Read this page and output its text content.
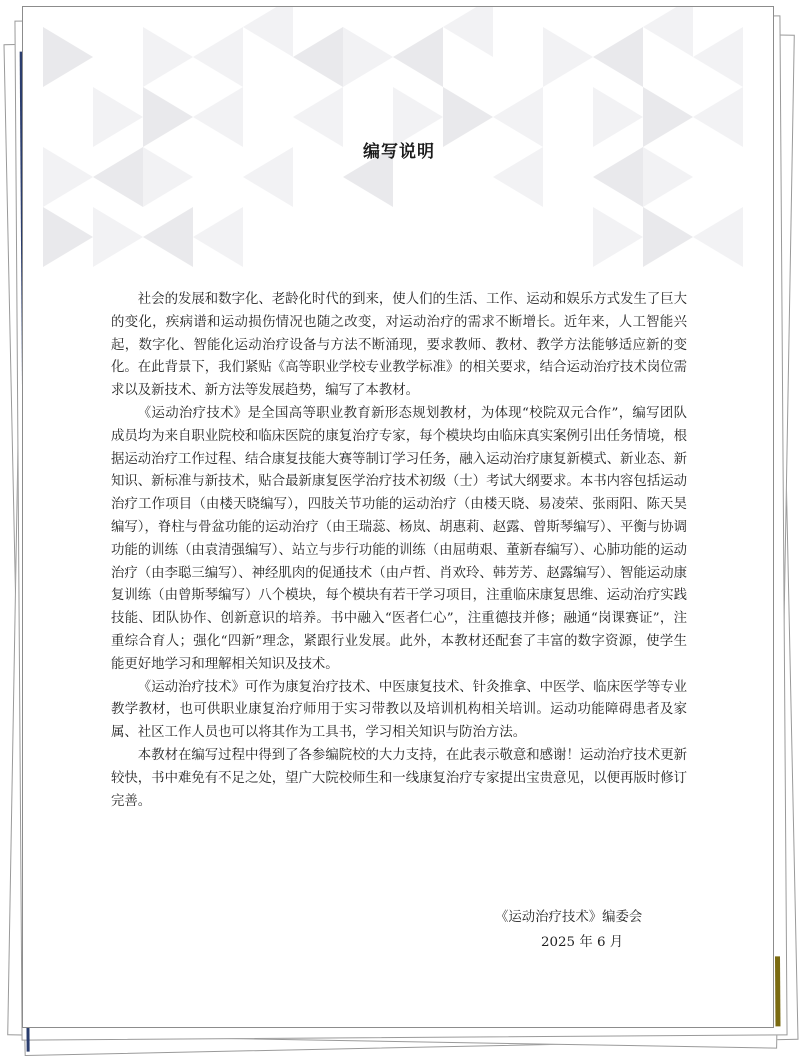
编写说明

社会的发展和数字化、老龄化时代的到来，使人们的生活、工作、运动和娱乐方式发生了巨大的变化，疾病谱和运动损伤情况也随之改变，对运动治疗的需求不断增长。近年来，人工智能兴起，数字化、智能化运动治疗设备与方法不断涌现，要求教师、教材、教学方法能够适应新的变化。在此背景下，我们紧贴《高等职业学校专业教学标准》的相关要求，结合运动治疗技术岗位需求以及新技术、新方法等发展趋势，编写了本教材。

《运动治疗技术》是全国高等职业教育新形态规划教材，为体现“校院双元合作”，编写团队成员均为来自职业院校和临床医院的康复治疗专家，每个模块均由临床真实案例引出任务情境，根据运动治疗工作过程、结合康复技能大赛等制订学习任务，融入运动治疗康复新模式、新业态、新知识、新标准与新技术，贴合最新康复医学治疗技术初级（士）考试大纲要求。本书内容包括运动治疗工作项目（由楼天晓编写），四肢关节功能的运动治疗（由楼天晓、易凌荣、张雨阳、陈天昊编写），脊柱与骨盆功能的运动治疗（由王瑞蕊、杨岚、胡惠莉、赵露、曾斯琴编写）、平衡与协调功能的训练（由袁清强编写）、站立与步行功能的训练（由屈萌艰、董新春编写）、心肺功能的运动治疗（由李聪三编写）、神经肌肉的促通技术（由卢哲、肖欢玲、韩芳芳、赵露编写）、智能运动康复训练（由曾斯琴编写）八个模块，每个模块有若干学习项目，注重临床康复思维、运动治疗实践技能、团队协作、创新意识的培养。书中融入“医者仁心”，注重德技并修；融通“岗课赛证”，注重综合育人；强化“四新”理念，紧跟行业发展。此外，本教材还配套了丰富的数字资源，使学生能更好地学习和理解相关知识及技术。

《运动治疗技术》可作为康复治疗技术、中医康复技术、针灸推拿、中医学、临床医学等专业教学教材，也可供职业康复治疗师用于实习带教以及培训机构相关培训。运动功能障碍患者及家属、社区工作人员也可以将其作为工具书，学习相关知识与防治方法。

本教材在编写过程中得到了各参编院校的大力支持，在此表示敬意和感谢！运动治疗技术更新较快，书中难免有不足之处，望广大院校师生和一线康复治疗专家提出宝贵意见，以便再版时修订完善。

《运动治疗技术》编委会
2025 年 6 月
